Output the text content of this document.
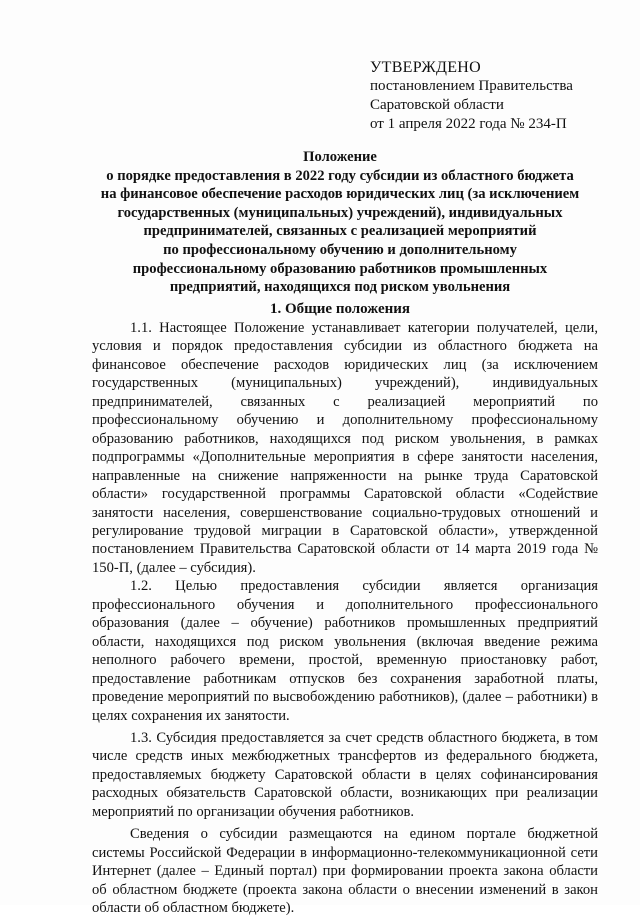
УТВЕРЖДЕНО
постановлением Правительства
Саратовской области
от 1 апреля 2022 года № 234-П
Положение
о порядке предоставления в 2022 году субсидии из областного бюджета
на финансовое обеспечение расходов юридических лиц (за исключением
государственных (муниципальных) учреждений), индивидуальных
предпринимателей, связанных с реализацией мероприятий
по профессиональному обучению и дополнительному
профессиональному образованию работников промышленных
предприятий, находящихся под риском увольнения
1. Общие положения

1.1. Настоящее Положение устанавливает категории получателей, цели, условия и порядок предоставления субсидии из областного бюджета на финансовое обеспечение расходов юридических лиц (за исключением государственных (муниципальных) учреждений), индивидуальных предпринимателей, связанных с реализацией мероприятий по профессиональному обучению и дополнительному профессиональному образованию работников, находящихся под риском увольнения, в рамках подпрограммы «Дополнительные мероприятия в сфере занятости населения, направленные на снижение напряженности на рынке труда Саратовской области» государственной программы Саратовской области «Содействие занятости населения, совершенствование социально-трудовых отношений и регулирование трудовой миграции в Саратовской области», утвержденной постановлением Правительства Саратовской области от 14 марта 2019 года № 150-П, (далее – субсидия).

1.2. Целью предоставления субсидии является организация профессионального обучения и дополнительного профессионального образования (далее – обучение) работников промышленных предприятий области, находящихся под риском увольнения (включая введение режима неполного рабочего времени, простой, временную приостановку работ, предоставление работникам отпусков без сохранения заработной платы, проведение мероприятий по высвобождению работников), (далее – работники) в целях сохранения их занятости.

1.3. Субсидия предоставляется за счет средств областного бюджета, в том числе средств иных межбюджетных трансфертов из федерального бюджета, предоставляемых бюджету Саратовской области в целях софинансирования расходных обязательств Саратовской области, возникающих при реализации мероприятий по организации обучения работников.

Сведения о субсидии размещаются на едином портале бюджетной системы Российской Федерации в информационно-телекоммуникационной сети Интернет (далее – Единый портал) при формировании проекта закона области об областном бюджете (проекта закона области о внесении изменений в закон области об областном бюджете).
